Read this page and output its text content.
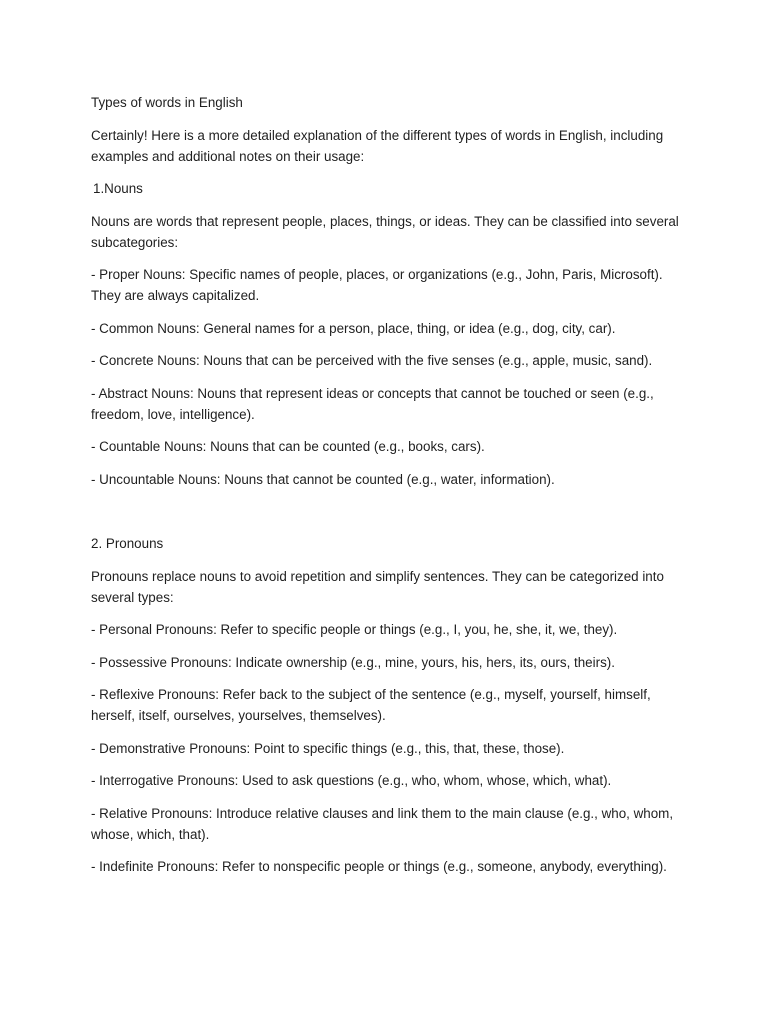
Types of words in English

Certainly! Here is a more detailed explanation of the different types of words in English, including examples and additional notes on their usage:

1.Nouns

Nouns are words that represent people, places, things, or ideas. They can be classified into several subcategories:

- Proper Nouns: Specific names of people, places, or organizations (e.g., John, Paris, Microsoft). They are always capitalized.

- Common Nouns: General names for a person, place, thing, or idea (e.g., dog, city, car).

- Concrete Nouns: Nouns that can be perceived with the five senses (e.g., apple, music, sand).

- Abstract Nouns: Nouns that represent ideas or concepts that cannot be touched or seen (e.g., freedom, love, intelligence).

- Countable Nouns: Nouns that can be counted (e.g., books, cars).

- Uncountable Nouns: Nouns that cannot be counted (e.g., water, information).

2. Pronouns

Pronouns replace nouns to avoid repetition and simplify sentences. They can be categorized into several types:

- Personal Pronouns: Refer to specific people or things (e.g., I, you, he, she, it, we, they).

- Possessive Pronouns: Indicate ownership (e.g., mine, yours, his, hers, its, ours, theirs).

- Reflexive Pronouns: Refer back to the subject of the sentence (e.g., myself, yourself, himself, herself, itself, ourselves, yourselves, themselves).

- Demonstrative Pronouns: Point to specific things (e.g., this, that, these, those).

- Interrogative Pronouns: Used to ask questions (e.g., who, whom, whose, which, what).

- Relative Pronouns: Introduce relative clauses and link them to the main clause (e.g., who, whom, whose, which, that).

- Indefinite Pronouns: Refer to nonspecific people or things (e.g., someone, anybody, everything).
